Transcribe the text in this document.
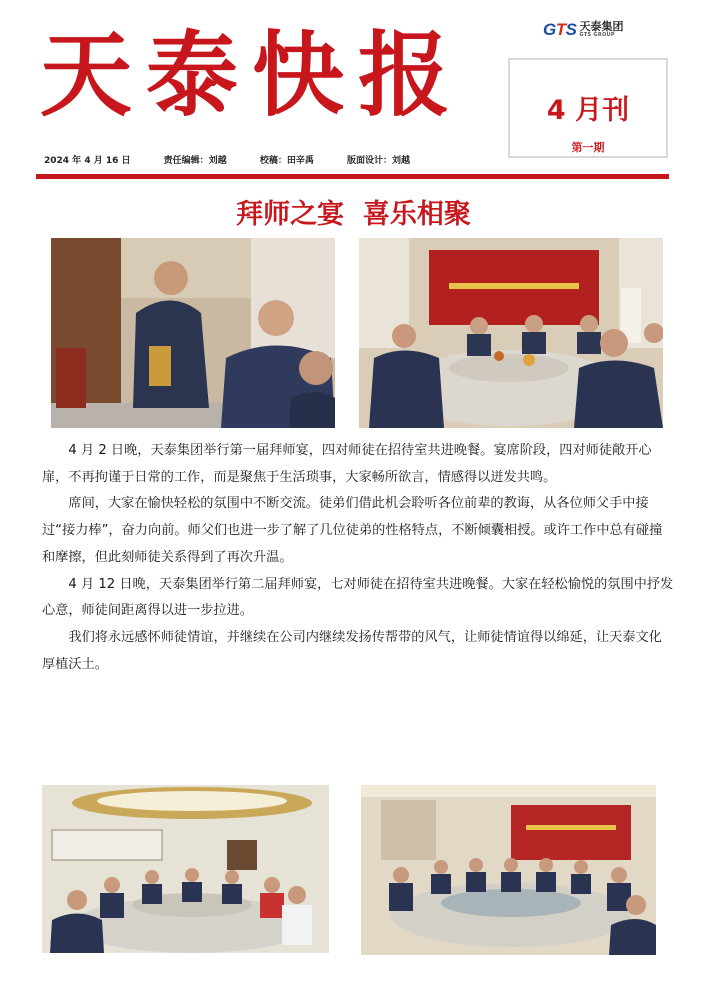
GTS 天泰集团
GTS GROUP
天泰快报	4 月刊
第一期
2024 年 4 月 16 日	责任编辑：刘越	校稿：田辛禹	版面设计：刘越
拜师之宴  喜乐相聚

4 月 2 日晚，天泰集团举行第一届拜师宴，四对师徒在招待室共进晚餐。宴席阶段，四对师徒敞开心扉，不再拘谨于日常的工作，而是聚焦于生活琐事，大家畅所欲言，情感得以迸发共鸣。

席间，大家在愉快轻松的氛围中不断交流。徒弟们借此机会聆听各位前辈的教诲，从各位师父手中接过“接力棒”，奋力向前。师父们也进一步了解了几位徒弟的性格特点，不断倾囊相授。或许工作中总有碰撞和摩擦，但此刻师徒关系得到了再次升温。

4 月 12 日晚，天泰集团举行第二届拜师宴，七对师徒在招待室共进晚餐。大家在轻松愉悦的氛围中抒发心意，师徒间距离得以进一步拉进。

我们将永远感怀师徒情谊，并继续在公司内继续发扬传帮带的风气，让师徒情谊得以绵延，让天泰文化厚植沃土。
